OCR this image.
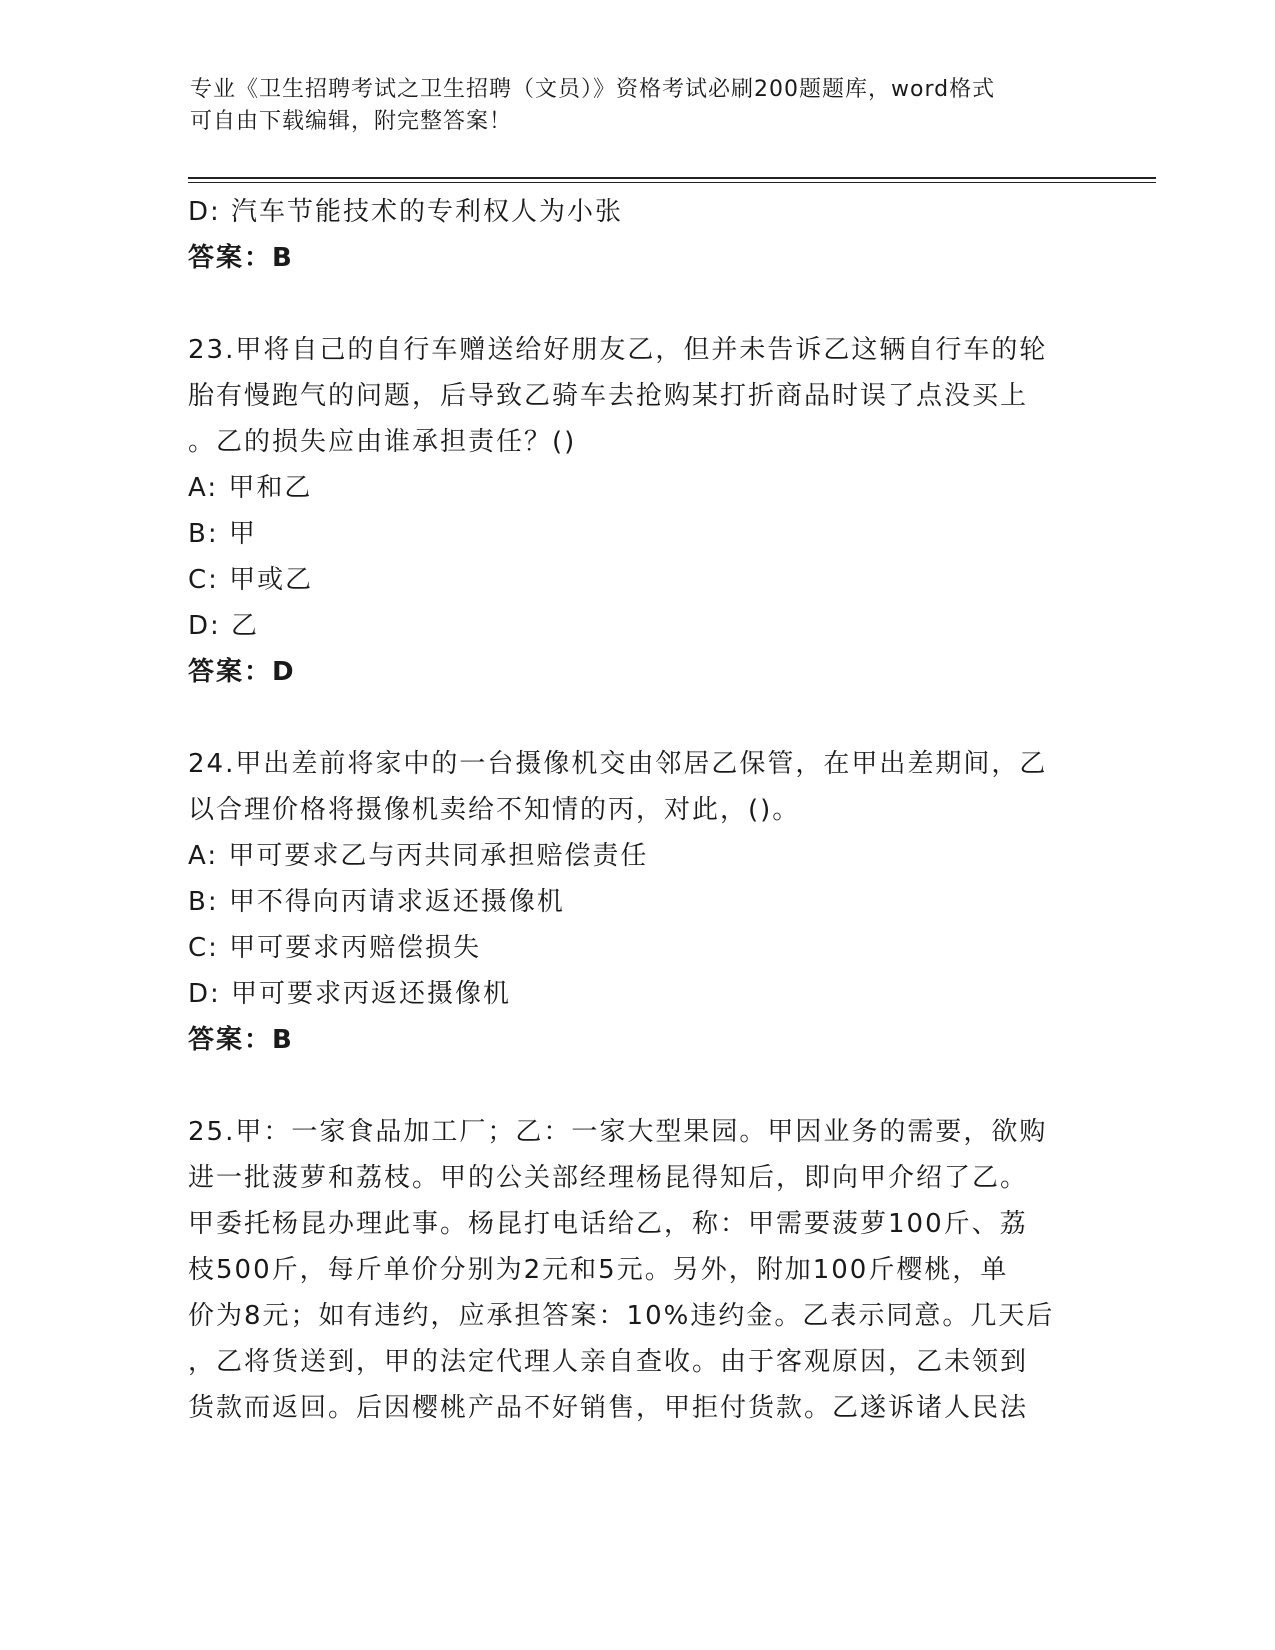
专业《卫生招聘考试之卫生招聘（文员）》资格考试必刷200题题库，word格式
可自由下载编辑，附完整答案！
D: 汽车节能技术的专利权人为小张
答案：B
23.甲将自己的自行车赠送给好朋友乙，但并未告诉乙这辆自行车的轮
胎有慢跑气的问题，后导致乙骑车去抢购某打折商品时误了点没买上
。乙的损失应由谁承担责任？()
A: 甲和乙
B: 甲
C: 甲或乙
D: 乙
答案：D
24.甲出差前将家中的一台摄像机交由邻居乙保管，在甲出差期间，乙
以合理价格将摄像机卖给不知情的丙，对此，()。
A: 甲可要求乙与丙共同承担赔偿责任
B: 甲不得向丙请求返还摄像机
C: 甲可要求丙赔偿损失
D: 甲可要求丙返还摄像机
答案：B
25.甲：一家食品加工厂；乙：一家大型果园。甲因业务的需要，欲购
进一批菠萝和荔枝。甲的公关部经理杨昆得知后，即向甲介绍了乙。
甲委托杨昆办理此事。杨昆打电话给乙，称：甲需要菠萝100斤、荔
枝500斤，每斤单价分别为2元和5元。另外，附加100斤樱桃，单
价为8元；如有违约，应承担答案：10%违约金。乙表示同意。几天后
，乙将货送到，甲的法定代理人亲自查收。由于客观原因，乙未领到
货款而返回。后因樱桃产品不好销售，甲拒付货款。乙遂诉诸人民法
